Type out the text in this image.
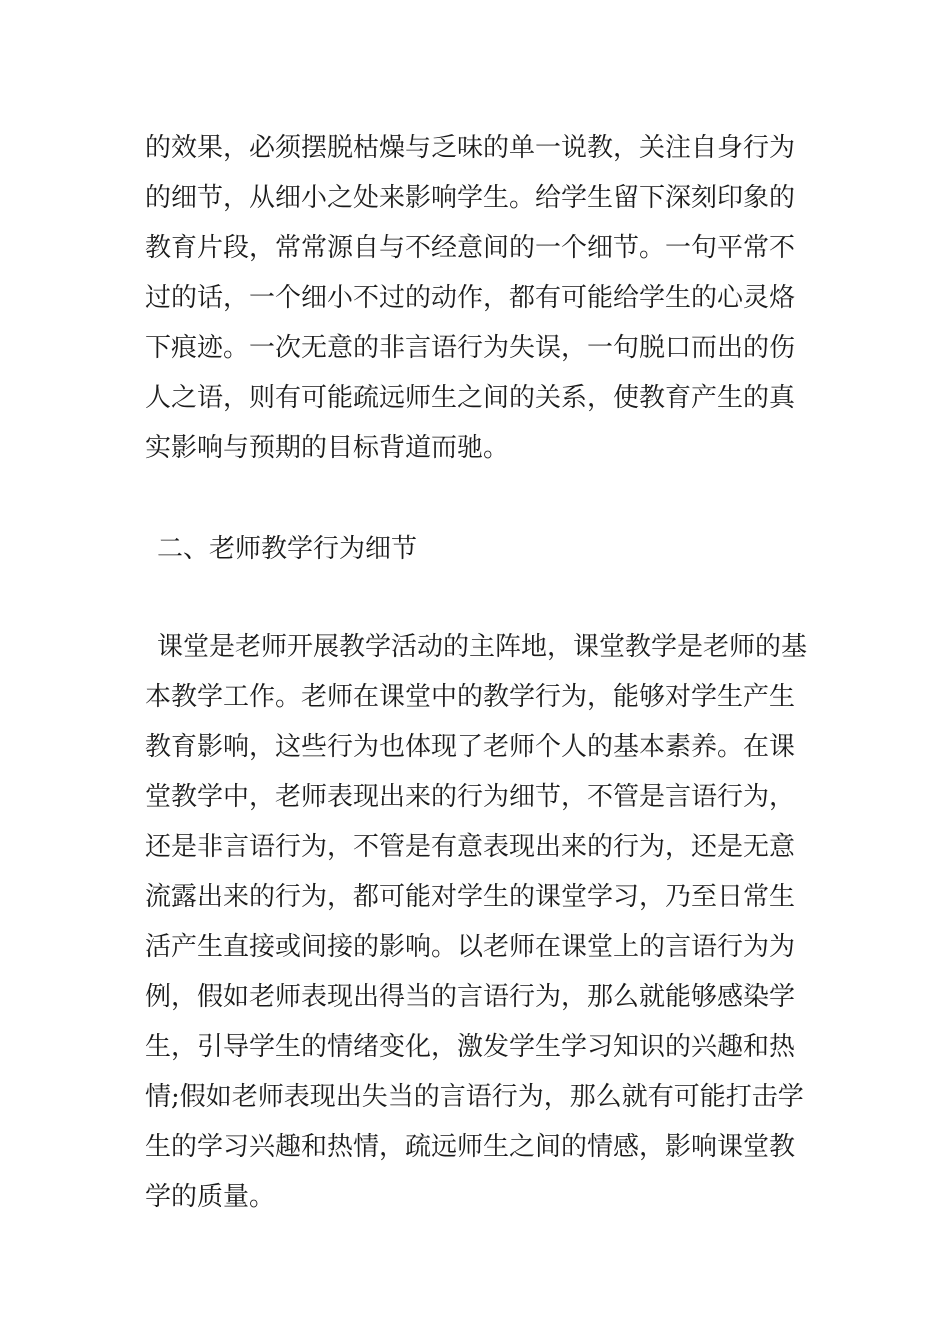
的效果，必须摆脱枯燥与乏味的单一说教，关注自身行为
的细节，从细小之处来影响学生。给学生留下深刻印象的
教育片段，常常源自与不经意间的一个细节。一句平常不
过的话，一个细小不过的动作，都有可能给学生的心灵烙
下痕迹。一次无意的非言语行为失误，一句脱口而出的伤
人之语，则有可能疏远师生之间的关系，使教育产生的真
实影响与预期的目标背道而驰。
二、老师教学行为细节
课堂是老师开展教学活动的主阵地，课堂教学是老师的基
本教学工作。老师在课堂中的教学行为，能够对学生产生
教育影响，这些行为也体现了老师个人的基本素养。在课
堂教学中，老师表现出来的行为细节，不管是言语行为，
还是非言语行为，不管是有意表现出来的行为，还是无意
流露出来的行为，都可能对学生的课堂学习，乃至日常生
活产生直接或间接的影响。以老师在课堂上的言语行为为
例，假如老师表现出得当的言语行为，那么就能够感染学
生，引导学生的情绪变化，激发学生学习知识的兴趣和热
情;假如老师表现出失当的言语行为，那么就有可能打击学
生的学习兴趣和热情，疏远师生之间的情感，影响课堂教
学的质量。
